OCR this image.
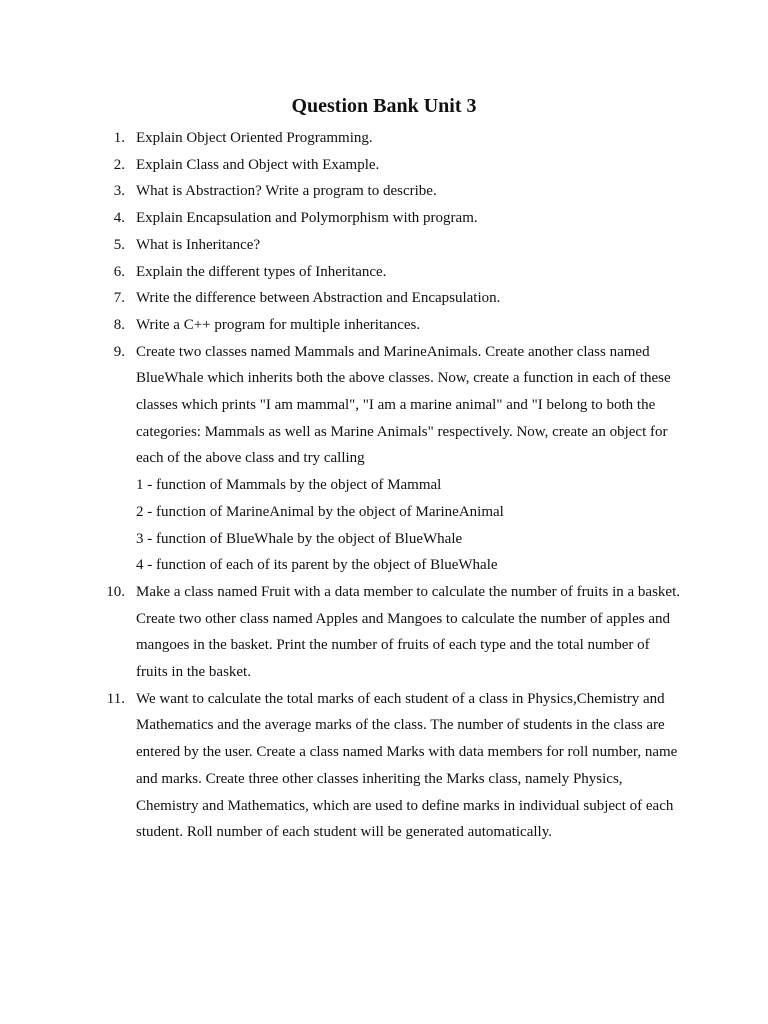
Question Bank Unit 3
1. Explain Object Oriented Programming.
2. Explain Class and Object with Example.
3. What is Abstraction? Write a program to describe.
4. Explain Encapsulation and Polymorphism with program.
5. What is Inheritance?
6. Explain the different types of Inheritance.
7. Write the difference between Abstraction and Encapsulation.
8. Write a C++ program for multiple inheritances.
9. Create two classes named Mammals and MarineAnimals. Create another class named BlueWhale which inherits both the above classes. Now, create a function in each of these classes which prints "I am mammal", "I am a marine animal" and "I belong to both the categories: Mammals as well as Marine Animals" respectively. Now, create an object for each of the above class and try calling
1 - function of Mammals by the object of Mammal
2 - function of MarineAnimal by the object of MarineAnimal
3 - function of BlueWhale by the object of BlueWhale
4 - function of each of its parent by the object of BlueWhale
10. Make a class named Fruit with a data member to calculate the number of fruits in a basket. Create two other class named Apples and Mangoes to calculate the number of apples and mangoes in the basket. Print the number of fruits of each type and the total number of fruits in the basket.
11. We want to calculate the total marks of each student of a class in Physics,Chemistry and Mathematics and the average marks of the class. The number of students in the class are entered by the user. Create a class named Marks with data members for roll number, name and marks. Create three other classes inheriting the Marks class, namely Physics, Chemistry and Mathematics, which are used to define marks in individual subject of each student. Roll number of each student will be generated automatically.
